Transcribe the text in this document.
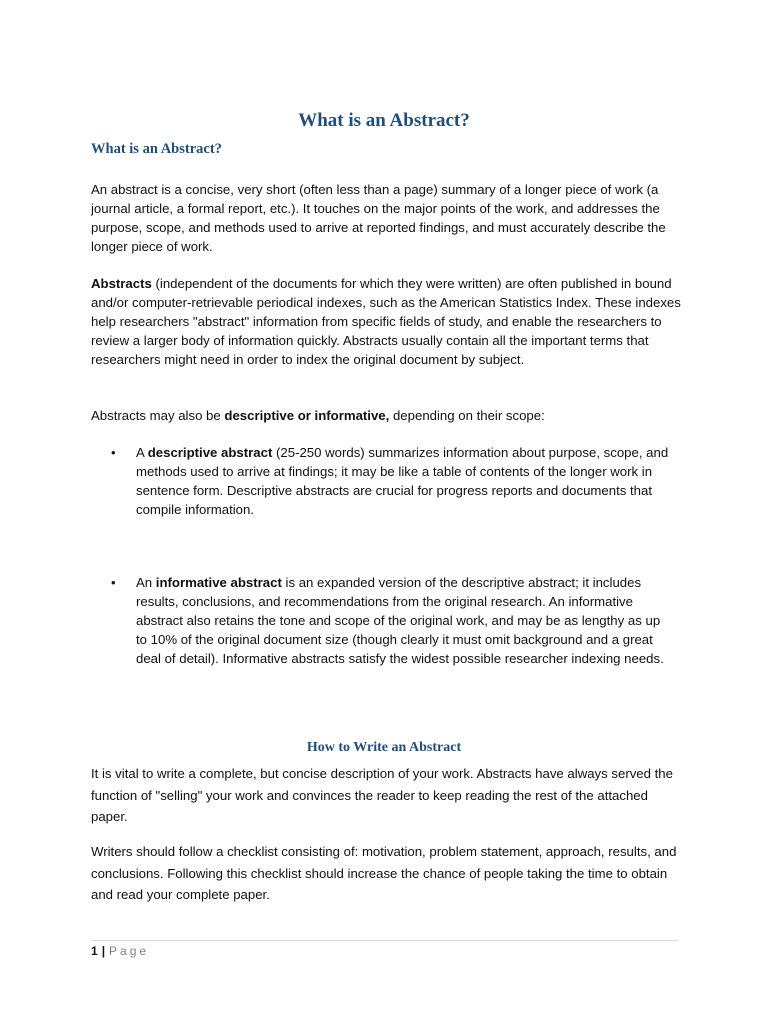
What is an Abstract?
What is an Abstract?

An abstract is a concise, very short (often less than a page) summary of a longer piece of work (a journal article, a formal report, etc.). It touches on the major points of the work, and addresses the purpose, scope, and methods used to arrive at reported findings, and must accurately describe the longer piece of work.

Abstracts (independent of the documents for which they were written) are often published in bound and/or computer-retrievable periodical indexes, such as the American Statistics Index. These indexes help researchers "abstract" information from specific fields of study, and enable the researchers to review a larger body of information quickly. Abstracts usually contain all the important terms that researchers might need in order to index the original document by subject.

Abstracts may also be descriptive or informative, depending on their scope:

• A descriptive abstract (25-250 words) summarizes information about purpose, scope, and methods used to arrive at findings; it may be like a table of contents of the longer work in sentence form. Descriptive abstracts are crucial for progress reports and documents that compile information.

• An informative abstract is an expanded version of the descriptive abstract; it includes results, conclusions, and recommendations from the original research. An informative abstract also retains the tone and scope of the original work, and may be as lengthy as up to 10% of the original document size (though clearly it must omit background and a great deal of detail). Informative abstracts satisfy the widest possible researcher indexing needs.

How to Write an Abstract

It is vital to write a complete, but concise description of your work. Abstracts have always served the function of "selling" your work and convinces the reader to keep reading the rest of the attached paper.

Writers should follow a checklist consisting of: motivation, problem statement, approach, results, and conclusions. Following this checklist should increase the chance of people taking the time to obtain and read your complete paper.

1 | Page
